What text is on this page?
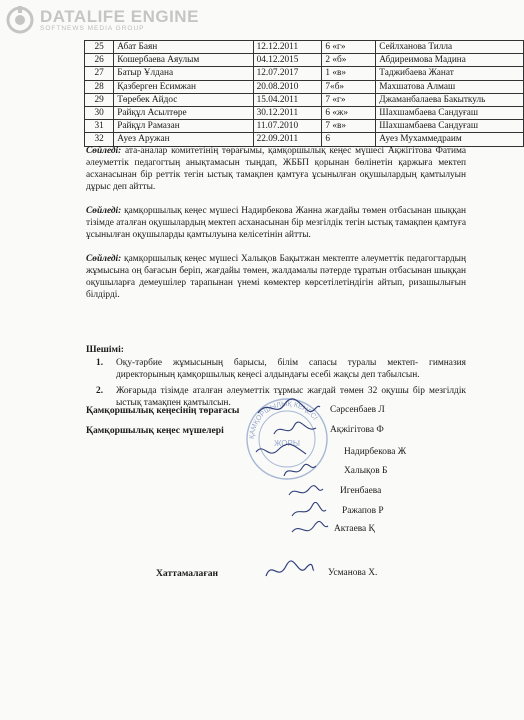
DATALIFE ENGINE
SOFTNEWS MEDIA GROUP
25	Абат Баян	12.12.2011	6 «г»	Сейлханова Тилла
26	Кошербаева Аяулым	04.12.2015	2 «б»	Абдиреимова Мадина
27	Батыр Ұлдана	12.07.2017	1 «в»	Таджибаева Жанат
28	Қазберген Есимжан	20.08.2010	7«б»	Махшатова Алмаш
29	Төребек Айдос	15.04.2011	7 «г»	Джаманбалаева Бакыткуль
30	Райқұл Асылтөре	30.12.2011	6 «ж»	Шахшамбаева Сандуғаш
31	Райқұл Рамазан	11.07.2010	7 «в»	Шахшамбаева Сандуғаш
32	Ауез Аружан	22.09.2011	6	Ауез Мухаммедраим

Сөйледі: ата-аналар комитетінің төрағымы, қамқоршылық кеңес мүшесі Ақжігітова Фатима әлеуметтік педагогтың анықтамасын тыңдап, ЖББП қорынан бөлінетін қаржыға мектеп асханасынан бір реттік тегін ыстық тамақпен қамтуға ұсынылған оқушылардың қамтылуын дұрыс деп айтты.

Сөйледі: қамқоршылық кеңес мүшесі Надирбекова Жанна жағдайы төмен отбасынан шыққан тізімде аталған оқушылардың мектеп асханасынан бір мезгілдік тегін ыстық тамақпен қамтуға ұсынылған оқушыларды қамтылуына келісетінін айтты.

Сөйледі: қамқоршылық кеңес мүшесі Халықов Бақытжан мектепте әлеуметтік педагогтардың жұмысына оң бағасын беріп, жағдайы төмен, жалдамалы пәтерде тұратын отбасынан шыққан оқушыларға демеушілер тарапынан үнемі көмектер көрсетілетіндігін айтып, ризашылығын білдірді.

Шешімі:
1. Оқу-тәрбие жұмысының барысы, білім сапасы туралы мектеп- гимназия директорының қамқоршылық кеңесі алдындағы есебі жақсы деп табылсын.
2. Жоғарыда тізімде аталған әлеуметтік тұрмыс жағдай төмен 32 оқушы бір мезгілдік ыстық тамақпен қамтылсын.
ҚАМҚОРШЫЛЫҚ КЕҢЕСІ
ЖОРЫ
Қамқоршылық кеңесінің төрағасы	Сәрсенбаев Л
Қамқоршылық кеңес мүшелері	Ақжігітова Ф
Надирбекова Ж
Халықов Б
Игенбаева
Ражапов Р
Актаева Қ
Хаттамалаған	Усманова Х.
